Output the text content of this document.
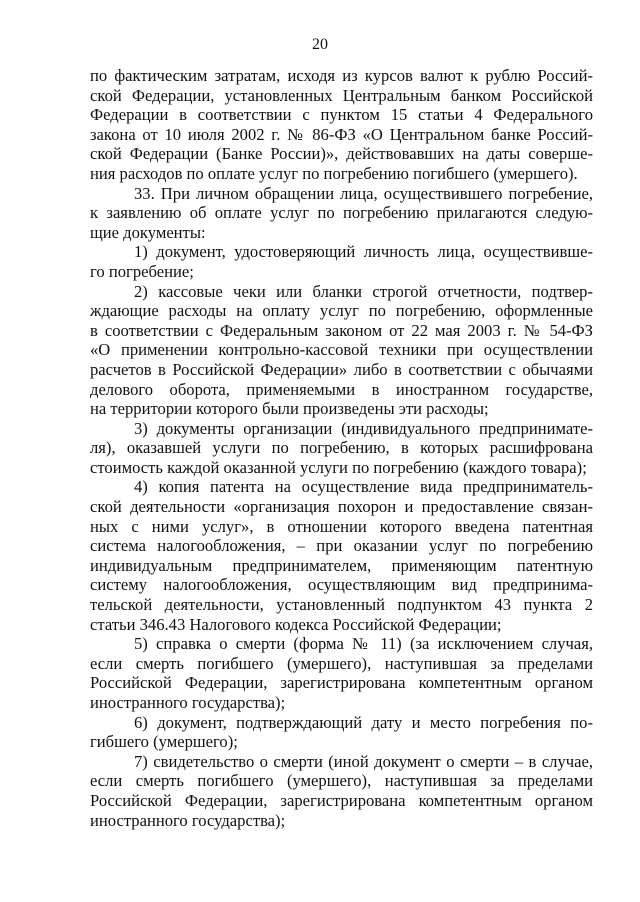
20
по фактическим затратам, исходя из курсов валют к рублю Россий-
ской Федерации, установленных Центральным банком Российской
Федерации в соответствии с пунктом 15 статьи 4 Федерального
закона от 10 июля 2002 г. № 86-ФЗ «О Центральном банке Россий-
ской Федерации (Банке России)», действовавших на даты соверше-
ния расходов по оплате услуг по погребению погибшего (умершего).
33. При личном обращении лица, осуществившего погребение,
к заявлению об оплате услуг по погребению прилагаются следую-
щие документы:
1) документ, удостоверяющий личность лица, осуществивше-
го погребение;
2) кассовые чеки или бланки строгой отчетности, подтвер-
ждающие расходы на оплату услуг по погребению, оформленные
в соответствии с Федеральным законом от 22 мая 2003 г. № 54-ФЗ
«О применении контрольно-кассовой техники при осуществлении
расчетов в Российской Федерации» либо в соответствии с обычаями
делового оборота, применяемыми в иностранном государстве,
на территории которого были произведены эти расходы;
3) документы организации (индивидуального предпринимате-
ля), оказавшей услуги по погребению, в которых расшифрована
стоимость каждой оказанной услуги по погребению (каждого товара);
4) копия патента на осуществление вида предприниматель-
ской деятельности «организация похорон и предоставление связан-
ных с ними услуг», в отношении которого введена патентная
система налогообложения, – при оказании услуг по погребению
индивидуальным предпринимателем, применяющим патентную
систему налогообложения, осуществляющим вид предпринима-
тельской деятельности, установленный подпунктом 43 пункта 2
статьи 346.43 Налогового кодекса Российской Федерации;
5) справка о смерти (форма № 11) (за исключением случая,
если смерть погибшего (умершего), наступившая за пределами
Российской Федерации, зарегистрирована компетентным органом
иностранного государства);
6) документ, подтверждающий дату и место погребения по-
гибшего (умершего);
7) свидетельство о смерти (иной документ о смерти – в случае,
если смерть погибшего (умершего), наступившая за пределами
Российской Федерации, зарегистрирована компетентным органом
иностранного государства);
